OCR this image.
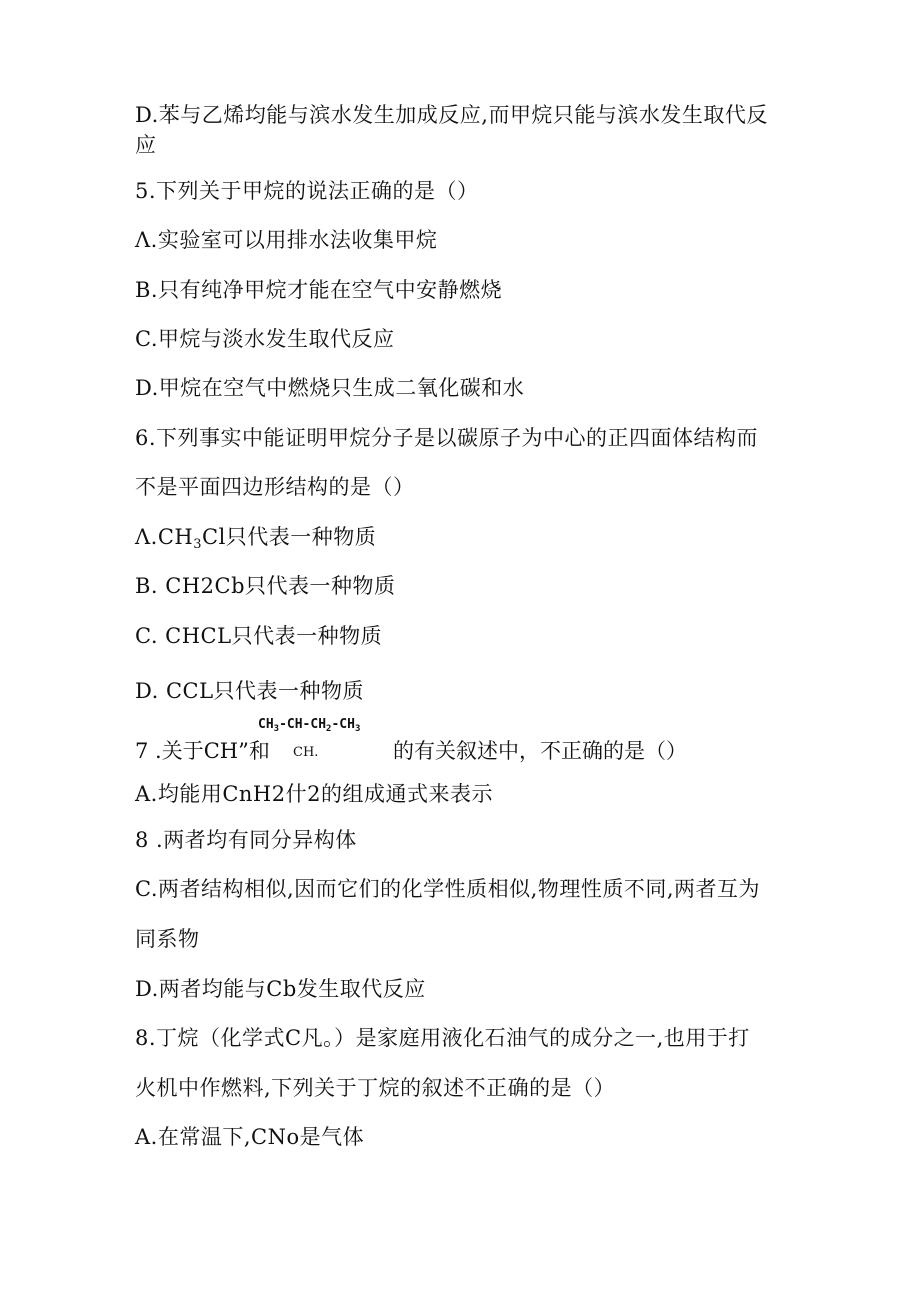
D.苯与乙烯均能与滨水发生加成反应,而甲烷只能与滨水发生取代反
应
5.下列关于甲烷的说法正确的是（）
Λ.实验室可以用排水法收集甲烷
B.只有纯净甲烷才能在空气中安静燃烧
C.甲烷与淡水发生取代反应
D.甲烷在空气中燃烧只生成二氧化碳和水
6.下列事实中能证明甲烷分子是以碳原子为中心的正四面体结构而
不是平面四边形结构的是（）
$\Lambda.CH_3Cl$只代表一种物质
B. CH2Cb只代表一种物质
C. CHCL只代表一种物质
D. CCL只代表一种物质
$CH_3-CH-CH_2-CH_3$
7 .关于CH”和 CH.	的有关叙述中，不正确的是（）
A.均能用CnH2什2的组成通式来表示
8 .两者均有同分异构体
C.两者结构相似,因而它们的化学性质相似,物理性质不同,两者互为
同系物
D.两者均能与Cb发生取代反应
8.丁烷（化学式C凡。）是家庭用液化石油气的成分之一,也用于打
火机中作燃料,下列关于丁烷的叙述不正确的是（）
A.在常温下,CNo是气体
